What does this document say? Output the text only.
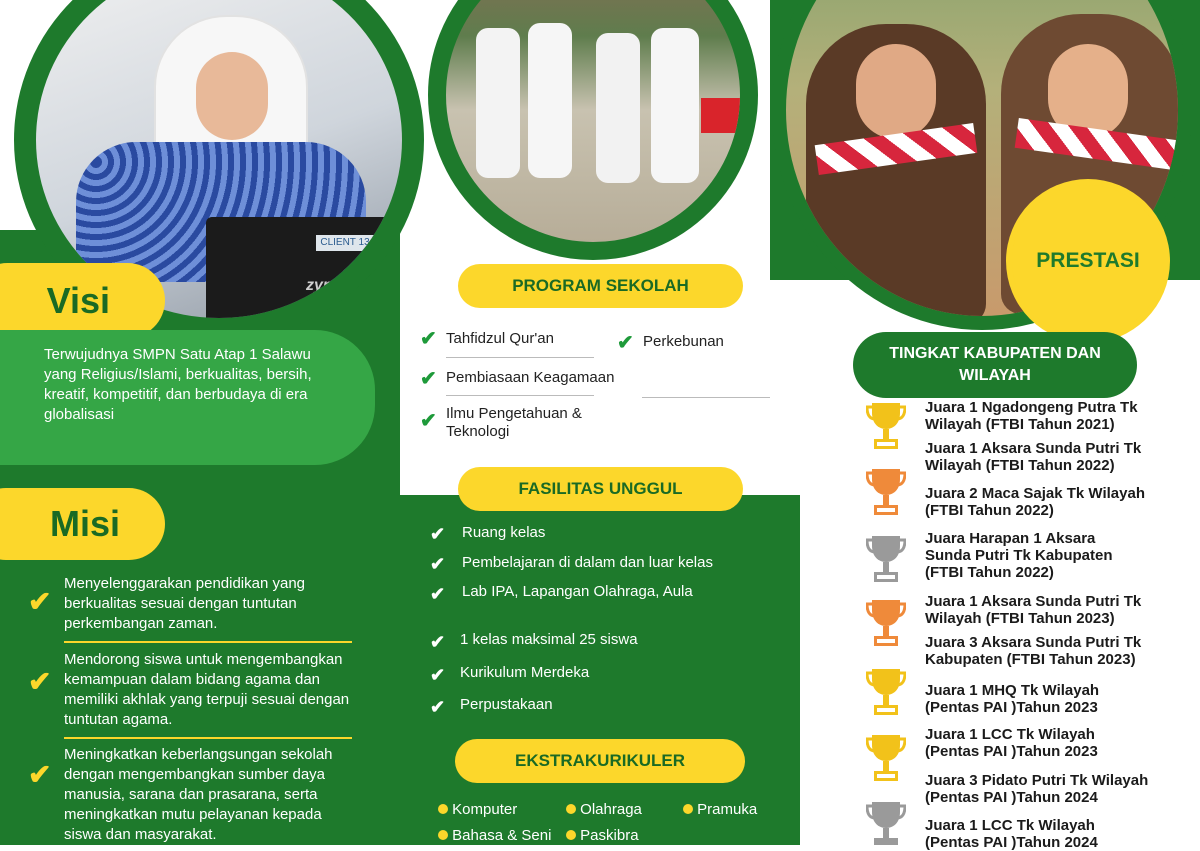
CLIENT 13
zyrex
Visi
Terwujudnya SMPN Satu Atap 1 Salawu yang Religius/Islami, berkualitas, bersih, kreatif, kompetitif, dan berbudaya di era globalisasi
Misi
✔
Menyelenggarakan pendidikan yang berkualitas sesuai dengan tuntutan perkembangan zaman.
✔
Mendorong siswa untuk mengembangkan kemampuan dalam bidang agama dan memiliki akhlak yang terpuji sesuai dengan tuntutan agama.
✔
Meningkatkan keberlangsungan sekolah dengan mengembangkan sumber daya manusia, sarana dan prasarana, serta meningkatkan mutu pelayanan kepada siswa dan masyarakat.
PROGRAM SEKOLAH
✔ Tahfidzul Qur'an
✔ Pembiasaan Keagamaan
✔ Ilmu Pengetahuan & Teknologi
✔ Perkebunan
FASILITAS UNGGUL
✔ Ruang kelas
✔ Pembelajaran di dalam dan luar kelas
✔ Lab IPA, Lapangan Olahraga, Aula
✔ 1 kelas maksimal 25 siswa
✔ Kurikulum Merdeka
✔ Perpustakaan
EKSTRAKURIKULER
Komputer	Olahraga	Pramuka
Bahasa & Seni	Paskibra
PRESTASI
TINGKAT KABUPATEN DAN WILAYAH
Juara 1 Ngadongeng Putra Tk Wilayah (FTBI Tahun 2021)
Juara 1 Aksara Sunda Putri Tk Wilayah (FTBI Tahun 2022)
Juara 2 Maca Sajak Tk Wilayah (FTBI Tahun 2022)
Juara Harapan 1 Aksara Sunda Putri Tk Kabupaten (FTBI Tahun 2022)
Juara 1 Aksara Sunda Putri Tk Wilayah (FTBI Tahun 2023)
Juara 3 Aksara Sunda Putri Tk Kabupaten (FTBI Tahun 2023)
Juara 1 MHQ Tk Wilayah (Pentas PAI )Tahun 2023
Juara 1 LCC Tk Wilayah (Pentas PAI )Tahun 2023
Juara 3 Pidato Putri Tk Wilayah (Pentas PAI )Tahun 2024
Juara 1 LCC Tk Wilayah (Pentas PAI )Tahun 2024
